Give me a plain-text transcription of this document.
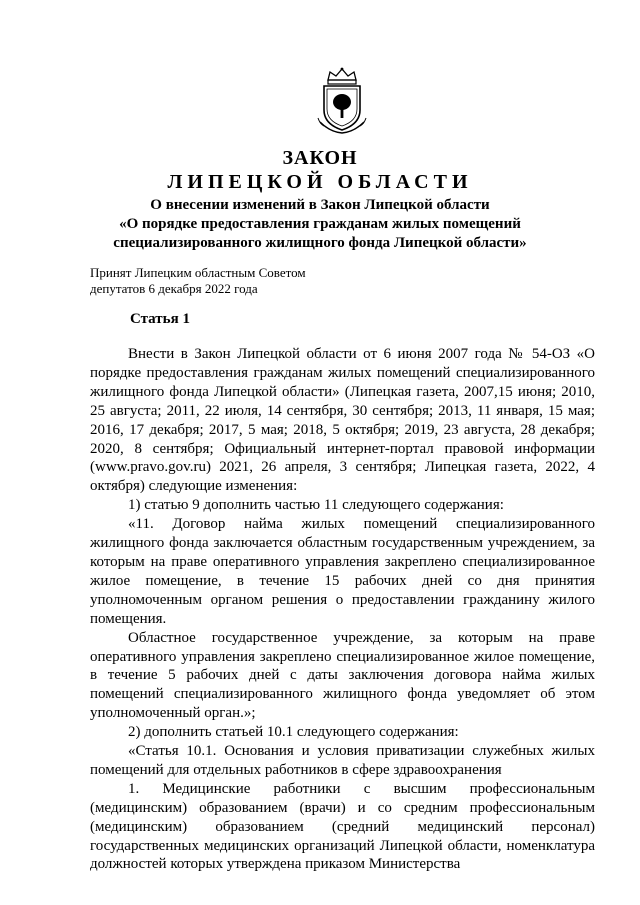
ЗАКОН
ЛИПЕЦКОЙ ОБЛАСТИ
О внесении изменений в Закон Липецкой области
«О порядке предоставления гражданам жилых помещений
специализированного жилищного фонда Липецкой области»
Принят Липецким областным Советом
депутатов 6 декабря 2022 года
Статья 1

Внести в Закон Липецкой области от 6 июня 2007 года № 54-ОЗ «О порядке предоставления гражданам жилых помещений специализированного жилищного фонда Липецкой области» (Липецкая газета, 2007,15 июня; 2010, 25 августа; 2011, 22 июля, 14 сентября, 30 сентября; 2013, 11 января, 15 мая; 2016, 17 декабря; 2017, 5 мая; 2018, 5 октября; 2019, 23 августа, 28 декабря; 2020, 8 сентября; Официальный интернет-портал правовой информации (www.pravo.gov.ru) 2021, 26 апреля, 3 сентября; Липецкая газета, 2022, 4 октября) следующие изменения:

1) статью 9 дополнить частью 11 следующего содержания:

«11. Договор найма жилых помещений специализированного жилищного фонда заключается областным государственным учреждением, за которым на праве оперативного управления закреплено специализированное жилое помещение, в течение 15 рабочих дней со дня принятия уполномоченным органом решения о предоставлении гражданину жилого помещения.

Областное государственное учреждение, за которым на праве оперативного управления закреплено специализированное жилое помещение, в течение 5 рабочих дней с даты заключения договора найма жилых помещений специализированного жилищного фонда уведомляет об этом уполномоченный орган.»;

2) дополнить статьей 10.1 следующего содержания:

«Статья 10.1. Основания и условия приватизации служебных жилых помещений для отдельных работников в сфере здравоохранения

1. Медицинские работники с высшим профессиональным (медицинским) образованием (врачи) и со средним профессиональным (медицинским) образованием (средний медицинский персонал) государственных медицинских организаций Липецкой области, номенклатура должностей которых утверждена приказом Министерства
